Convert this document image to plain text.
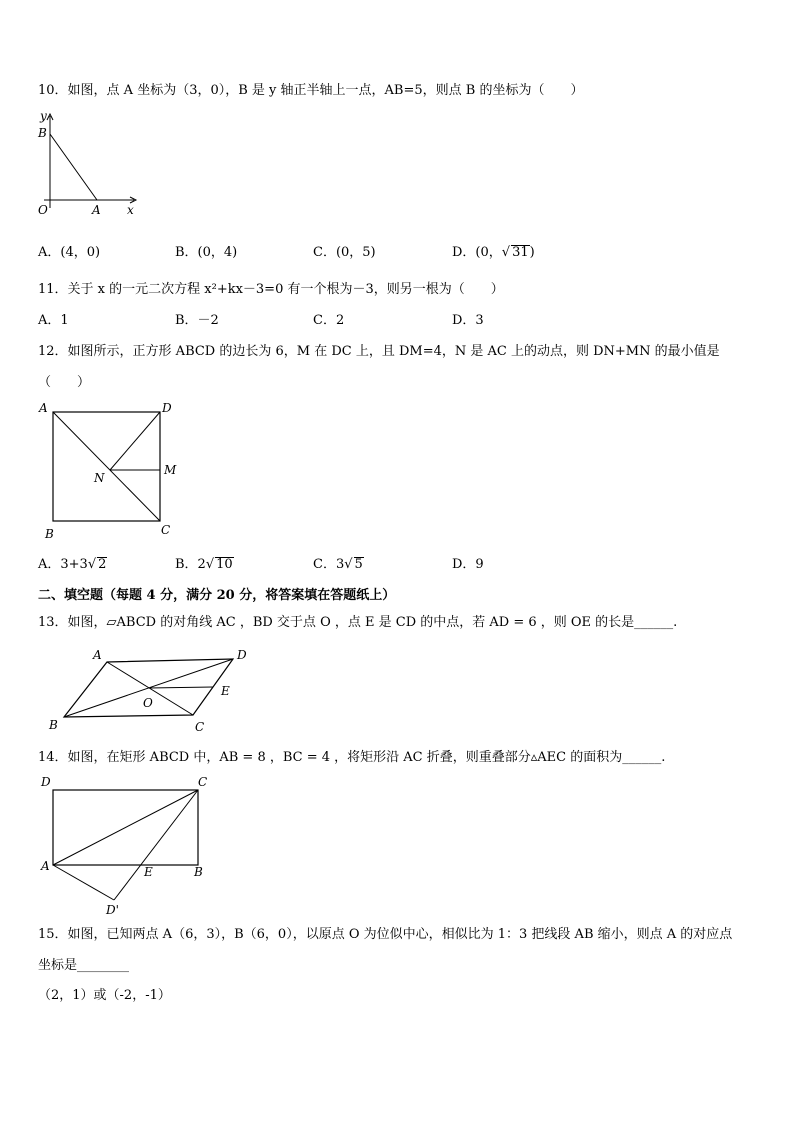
10．如图，点 A 坐标为（3，0），B 是 y 轴正半轴上一点，AB=5，则点 B 的坐标为（　　）
y
B
O	A x
A．(4，0)	B．(0，4)	C．(0，5)	D．(0，√ 31)
11．关于 x 的一元二次方程 x²+kx－3=0 有一个根为－3，则另一根为（　　）
A．1	B．－2	C．2	D．3
12．如图所示，正方形 ABCD 的边长为 6，M 在 DC 上，且 DM=4，N 是 AC 上的动点，则 DN+MN 的最小值是
（　　）
A	D
M
N
B	C
A．3+3√ 2	B．2√ 10	C．3√ 5	D．9
二、填空题（每题 4 分，满分 20 分，将答案填在答题纸上）
13．如图，▱ABCD 的对角线 AC ，BD 交于点 O ，点 E 是 CD 的中点，若 AD = 6 ，则 OE 的长是______.
A	D
E
O
B	C
14．如图，在矩形 ABCD 中，AB = 8 ，BC = 4 ，将矩形沿 AC 折叠，则重叠部分▵AEC 的面积为______.
D	C
A	E	B
D'
15．如图，已知两点 A（6，3），B（6，0），以原点 O 为位似中心，相似比为 1：3 把线段 AB 缩小，则点 A 的对应点
坐标是________
（2，1）或（-2，-1）
